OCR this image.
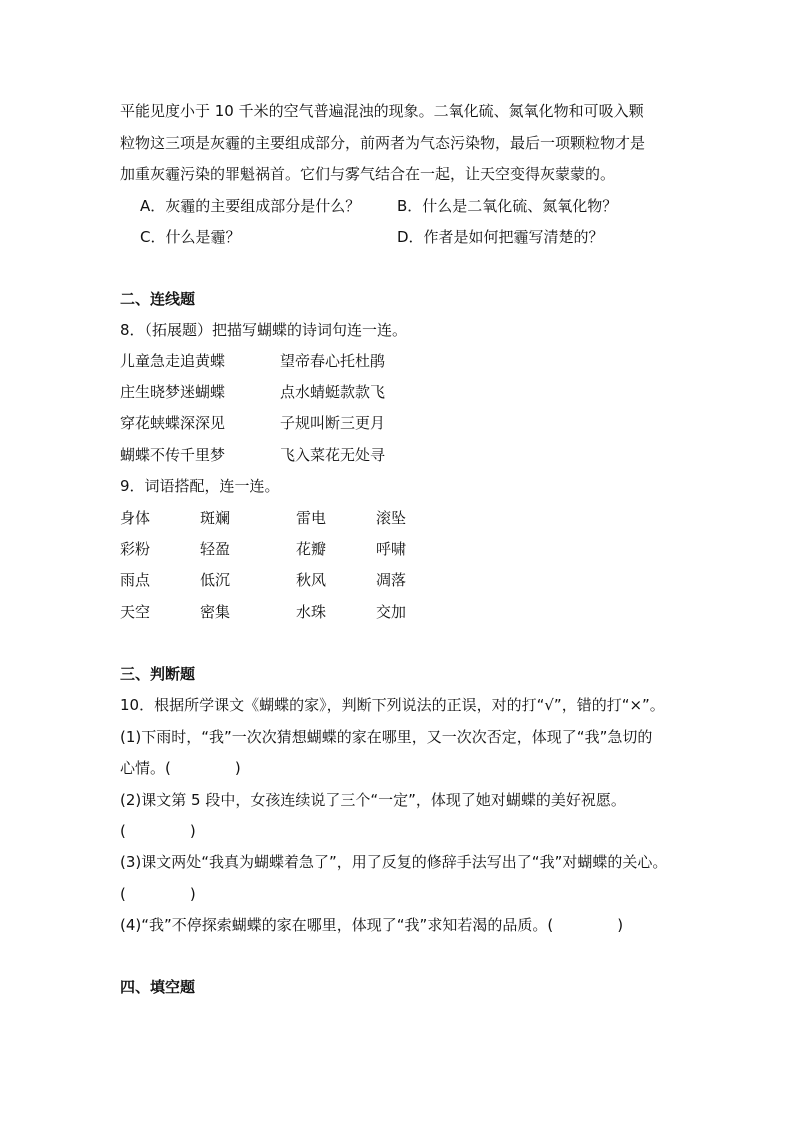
平能见度小于 10 千米的空气普遍混浊的现象。二氧化硫、氮氧化物和可吸入颗
粒物这三项是灰霾的主要组成部分，前两者为气态污染物，最后一项颗粒物才是
加重灰霾污染的罪魁祸首。它们与雾气结合在一起，让天空变得灰蒙蒙的。
A．灰霾的主要组成部分是什么？ B．什么是二氧化硫、氮氧化物？
C．什么是霾？	D．作者是如何把霾写清楚的？
二、连线题
8．（拓展题）把描写蝴蝶的诗词句连一连。
儿童急走追黄蝶	望帝春心托杜鹃
庄生晓梦迷蝴蝶	点水蜻蜓款款飞
穿花蛱蝶深深见	子规叫断三更月
蝴蝶不传千里梦	飞入菜花无处寻
9．词语搭配，连一连。
身体	斑斓	雷电	滚坠
彩粉	轻盈	花瓣	呼啸
雨点	低沉	秋风	凋落
天空	密集	水珠	交加
三、判断题
10．根据所学课文《蝴蝶的家》，判断下列说法的正误，对的打“√”，错的打“×”。
(1)下雨时，“我”一次次猜想蝴蝶的家在哪里，又一次次否定，体现了“我”急切的
心情。(	)
(2)课文第 5 段中，女孩连续说了三个“一定”，体现了她对蝴蝶的美好祝愿。
(	)
(3)课文两处“我真为蝴蝶着急了”，用了反复的修辞手法写出了“我”对蝴蝶的关心。
(	)
(4)“我”不停探索蝴蝶的家在哪里，体现了“我”求知若渴的品质。(	)
四、填空题
